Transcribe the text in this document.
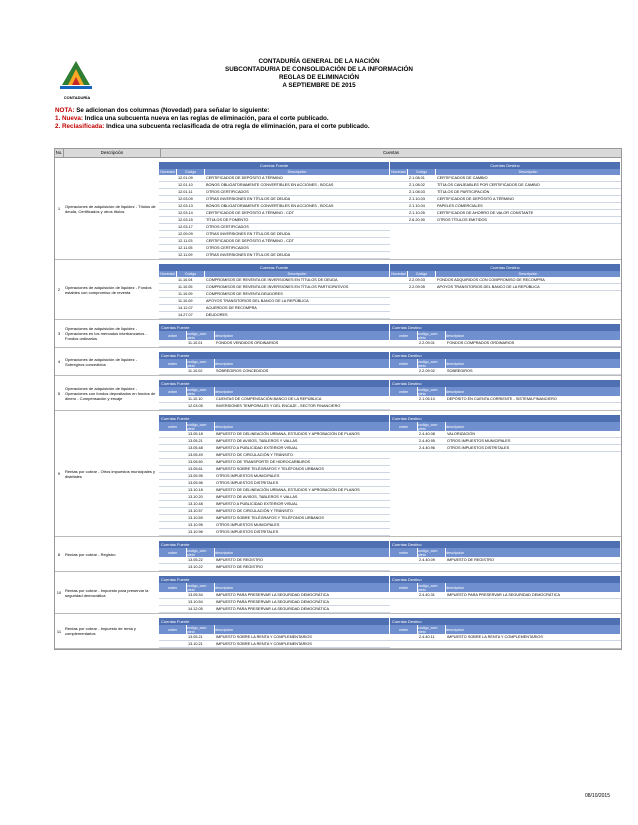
CONTADURÍA
CONTADURÍA GENERAL DE LA NACIÓN
SUBCONTADURIA DE CONSOLIDACIÓN DE LA INFORMACIÓN
REGLAS DE ELIMINACIÓN
A SEPTIEMBRE DE 2015
NOTA: Se adicionan dos columnas (Novedad) para señalar lo siguiente:
1. Nueva: Indica una subcuenta nueva en las reglas de eliminación, para el corte publicado.
2. Reclasificada: Indica una subcuenta reclasificada de otra regla de eliminación, para el corte publicado.
No.	Descripción	Cuentas
1	Operaciones de adquisición de liquidez - Títulos de deuda, Certificados y otros títulos
Cuentas Fuente
Novedad	Código	Descripción
12.01.09	CERTIFICADOS DE DEPÓSITO A TÉRMINO
12.01.10	BONOS OBLIGATORIAMENTE CONVERTIBLES EN ACCIONES - BOCAS
12.01.11	OTROS CERTIFICADOS
12.03.09	OTRAS INVERSIONES EN TÍTULOS DE DEUDA
12.03.13	BONOS OBLIGATORIAMENTE CONVERTIBLES EN ACCIONES - BOCAS
12.03.14	CERTIFICADOS DE DEPÓSITO A TÉRMINO - CDT
12.03.15	TÍTULOS DE FOMENTO
12.03.17	OTROS CERTIFICADOS
12.09.09	OTRAS INVERSIONES EN TÍTULOS DE DEUDA
12.11.03	CERTIFICADOS DE DEPÓSITO A TÉRMINO - CDT
12.11.05	OTROS CERTIFICADOS
12.11.09	OTRAS INVERSIONES EN TÍTULOS DE DEUDA
Cuentas Destino
Novedad	Código	Descripción
2.1.08.01	CERTIFICADOS DE CAMBIO
2.1.08.02	TÍTULOS CANJEABLES POR CERTIFICADOS DE CAMBIO
2.1.08.03	TÍTULOS DE PARTICIPACIÓN
2.1.10.03	CERTIFICADOS DE DEPÓSITO A TÉRMINO
2.1.10.04	PAPELES COMERCIALES
2.1.10.05	CERTIFICADOS DE AHORRO DE VALOR CONSTANTE
2.6.20.90	OTROS TÍTULOS EMITIDOS
2	Operaciones de adquisición de liquidez - Fondos estables con compromiso de reventa
Cuentas Fuente
Novedad	Código	Descripción
11.10.04	COMPROMISOS DE REVENTA DE INVERSIONES EN TÍTULOS DE DEUDA
11.10.05	COMPROMISOS DE REVENTA DE INVERSIONES EN TÍTULOS PARTICIPATIVOS
11.10.09	COMPROMISOS DE REVENTA DEUDORES
11.10.09	APOYOS TRANSITORIOS DEL BANCO DE LA REPÚBLICA
14.12.07	ACUERDOS DE RECOMPRA
14.27.07	DEUDORES
Cuentas Destino
Novedad	Código	Descripción
2.2.09.03	FONDOS ADQUIRIDOS CON COMPROMISO DE RECOMPRA
2.2.09.05	APOYOS TRANSITORIOS DEL BANCO DE LA REPÚBLICA
3
Operaciones de adquisición de liquidez - Operaciones en los mercados interbancarios - Fondos ordinarios
Cuentas Fuente
orden	codigo_com pleto	descripcion
11.10.01	FONDOS VENDIDOS ORDINARIOS
Cuentas Destino
orden	codigo_com pleto	descripcion
2.2.09.01	FONDOS COMPRADOS ORDINARIOS
4	Operaciones de adquisición de liquidez - Sobregiros concedidos
Cuentas Fuente
orden	codigo_com pleto	descripcion
11.10.02	SOBREGIROS CONCEDIDOS
Cuentas Destino
orden	codigo_com pleto	descripcion
2.2.09.02	SOBREGIROS
5
Operaciones de adquisición de liquidez - Operaciones con fondos depositados en fondos de dinero - Compensación y encaje
Cuentas Fuente
orden	codigo_com pleto	descripcion
11.10.10	CUENTAS DE COMPENSACIÓN BANCO DE LA REPÚBLICA
12.03.05	INVERSIONES TEMPORALES Y DEL ENCAJE - SECTOR FINANCIERO
Cuentas Destino
orden	codigo_com pleto	descripcion
2.1.05.10	DEPÓSITO EN CUENTA CORRIENTE - SISTEMA FINANCIERO
9	Rentas por cobrar - Otros impuestos municipales y distritales
Cuentas Fuente
orden	codigo_com pleto	descripcion
13.05.18	IMPUESTO DE DELINEACIÓN URBANA, ESTUDIOS Y APROBACIÓN DE PLANOS
13.05.21	IMPUESTO DE AVISOS, TABLEROS Y VALLAS
13.05.48	IMPUESTO A PUBLICIDAD EXTERIOR VISUAL
13.05.49	IMPUESTO DE CIRCULACIÓN Y TRÁNSITO
13.05.60	IMPUESTO DE TRANSPORTE DE HIDROCARBUROS
13.05.61	IMPUESTO SOBRE TELÉGRAFOS Y TELÉFONOS URBANOS
13.05.95	OTROS IMPUESTOS MUNICIPALES
13.05.96	OTROS IMPUESTOS DISTRITALES
13.10.18	IMPUESTO DE DELINEACIÓN URBANA, ESTUDIOS Y APROBACIÓN DE PLANOS
13.10.20	IMPUESTO DE AVISOS, TABLEROS Y VALLAS
13.10.48	IMPUESTO A PUBLICIDAD EXTERIOR VISUAL
13.10.57	IMPUESTO DE CIRCULACIÓN Y TRÁNSITO
13.10.59	IMPUESTO SOBRE TELÉGRAFOS Y TELÉFONOS URBANOS
13.10.95	OTROS IMPUESTOS MUNICIPALES
13.10.96	OTROS IMPUESTOS DISTRITALES
Cuentas Destino
orden	codigo_com pleto	descripcion
2.4.40.08	VALORIZACIÓN
2.4.40.95	OTROS IMPUESTOS MUNICIPALES
2.4.40.96	OTROS IMPUESTOS DISTRITALES
8	Rentas por cobrar - Registro
Cuentas Fuente
orden	codigo_com pleto	descripcion
13.05.22	IMPUESTO DE REGISTRO
13.10.22	IMPUESTO DE REGISTRO
Cuentas Destino
orden	codigo_com pleto	descripcion
2.4.40.09	IMPUESTO DE REGISTRO
10 Rentas por cobrar - Impuesto para preservar la seguridad democrática
Cuentas Fuente
orden	codigo_com pleto	descripcion
13.05.54	IMPUESTO PARA PRESERVAR LA SEGURIDAD DEMOCRÁTICA
13.10.54	IMPUESTO PARA PRESERVAR LA SEGURIDAD DEMOCRÁTICA
14.12.05	IMPUESTO PARA PRESERVAR LA SEGURIDAD DEMOCRÁTICA
Cuentas Destino
orden	codigo_com pleto	descripcion
2.4.40.31	IMPUESTO PARA PRESERVAR LA SEGURIDAD DEMOCRÁTICA
11 Rentas por cobrar - Impuesto de renta y complementarios
Cuentas Fuente
orden	codigo_com pleto	descripcion
13.05.21	IMPUESTO SOBRE LA RENTA Y COMPLEMENTARIOS
13.10.21	IMPUESTO SOBRE LA RENTA Y COMPLEMENTARIOS
Cuentas Destino
orden	codigo_com pleto	descripcion
2.4.40.11	IMPUESTO SOBRE LA RENTA Y COMPLEMENTARIOS
08/10/2015
